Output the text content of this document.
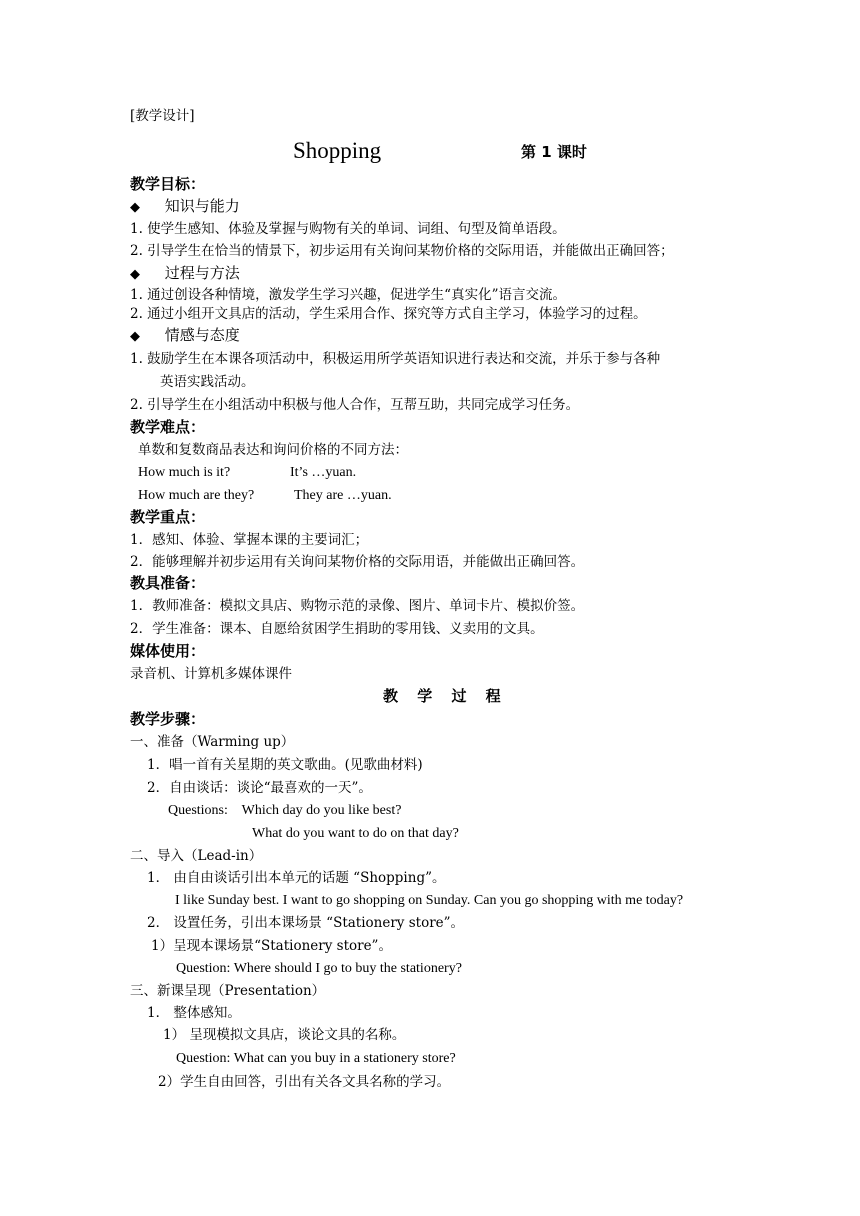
[教学设计]
Shopping	第 1 课时
教学目标：
◆ 知识与能力
1. 使学生感知、体验及掌握与购物有关的单词、词组、句型及简单语段。
2. 引导学生在恰当的情景下，初步运用有关询问某物价格的交际用语，并能做出正确回答；
◆ 过程与方法
1. 通过创设各种情境，激发学生学习兴趣，促进学生“真实化”语言交流。
2. 通过小组开文具店的活动，学生采用合作、探究等方式自主学习，体验学习的过程。
◆ 情感与态度
1. 鼓励学生在本课各项活动中，积极运用所学英语知识进行表达和交流，并乐于参与各种
英语实践活动。
2. 引导学生在小组活动中积极与他人合作，互帮互助，共同完成学习任务。
教学难点：
单数和复数商品表达和询问价格的不同方法：
How much is it?	It’s …yuan.
How much are they?	They are …yuan.
教学重点：
1．感知、体验、掌握本课的主要词汇；
2．能够理解并初步运用有关询问某物价格的交际用语，并能做出正确回答。
教具准备：
1．教师准备：模拟文具店、购物示范的录像、图片、单词卡片、模拟价签。
2．学生准备：课本、自愿给贫困学生捐助的零用钱、义卖用的文具。
媒体使用：
录音机、计算机多媒体课件
教 学 过 程
教学步骤：
一、准备（Warming up）
1．唱一首有关星期的英文歌曲。(见歌曲材料)
2．自由谈话：谈论“最喜欢的一天”。
Questions:    Which day do you like best?
What do you want to do on that day?
二、导入（Lead-in）
1． 由自由谈话引出本单元的话题 “Shopping”。
I like Sunday best. I want to go shopping on Sunday. Can you go shopping with me today?
2． 设置任务，引出本课场景 “Stationery store”。
1）呈现本课场景“Stationery store”。
Question: Where should I go to buy the stationery?
三、新课呈现（Presentation）
1． 整体感知。
1） 呈现模拟文具店，谈论文具的名称。
Question: What can you buy in a stationery store?
2）学生自由回答，引出有关各文具名称的学习。
